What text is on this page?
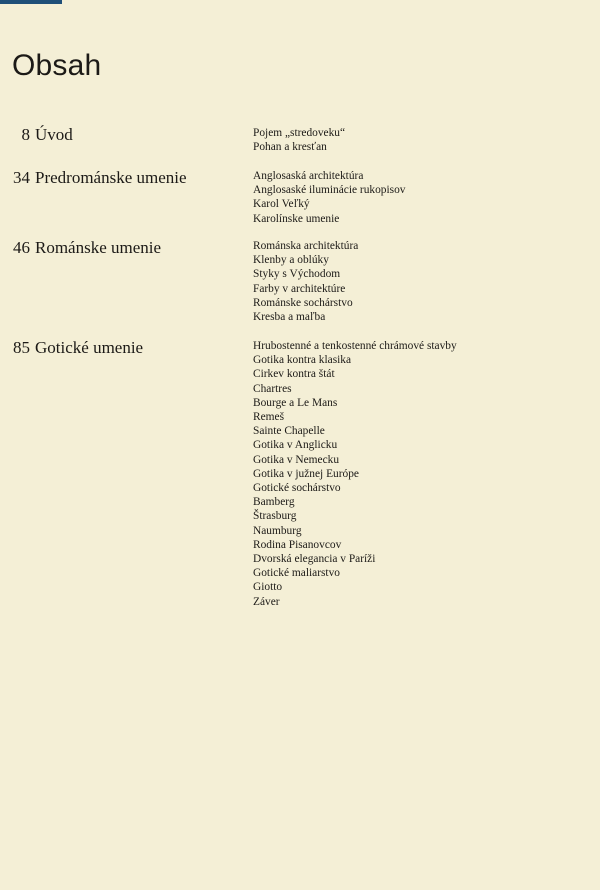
Obsah
8 Úvod	Pojem „stredoveku“
Pohan a kresťan
34 Predrománske umenie	Anglosaská architektúra
Anglosaské iluminácie rukopisov
Karol Veľký
Karolínske umenie
46 Románske umenie	Románska architektúra
Klenby a oblúky
Styky s Východom
Farby v architektúre
Románske sochárstvo
Kresba a maľba
85 Gotické umenie	Hrubostenné a tenkostenné chrámové stavby
Gotika kontra klasika
Cirkev kontra štát
Chartres
Bourge a Le Mans
Remeš
Sainte Chapelle
Gotika v Anglicku
Gotika v Nemecku
Gotika v južnej Európe
Gotické sochárstvo
Bamberg
Štrasburg
Naumburg
Rodina Pisanovcov
Dvorská elegancia v Paríži
Gotické maliarstvo
Giotto
Záver
